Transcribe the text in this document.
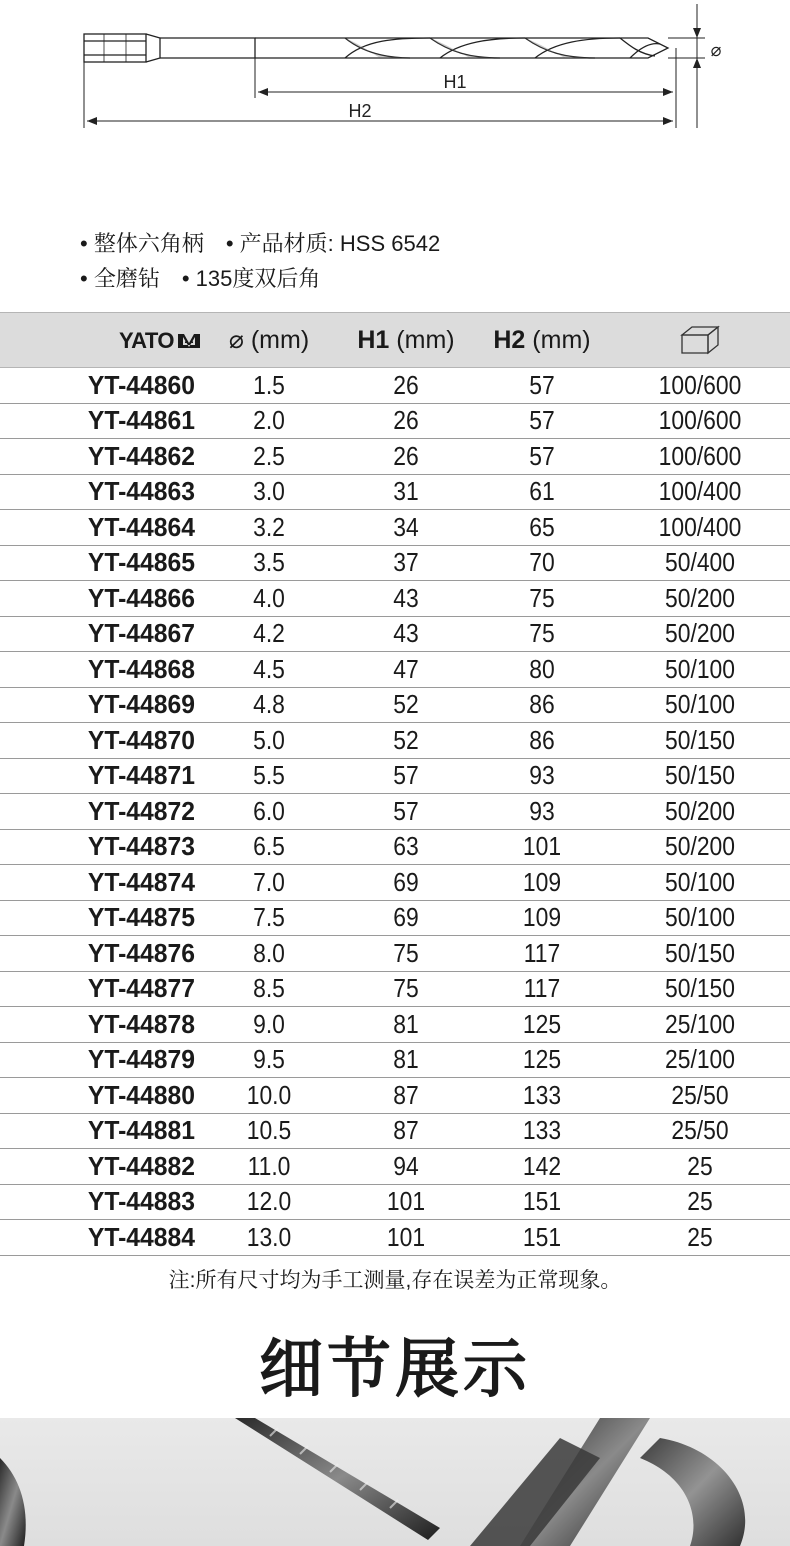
H1
H2
⌀
• 整体六角柄	• 产品材质: HSS 6542
• 全磨钻	• 135度双后角
YATO	⌀ (mm)	H1 (mm)	H2 (mm)	
YT-44860	1.5	26	57	100/600
YT-44861	2.0	26	57	100/600
YT-44862	2.5	26	57	100/600
YT-44863	3.0	31	61	100/400
YT-44864	3.2	34	65	100/400
YT-44865	3.5	37	70	50/400
YT-44866	4.0	43	75	50/200
YT-44867	4.2	43	75	50/200
YT-44868	4.5	47	80	50/100
YT-44869	4.8	52	86	50/100
YT-44870	5.0	52	86	50/150
YT-44871	5.5	57	93	50/150
YT-44872	6.0	57	93	50/200
YT-44873	6.5	63	101	50/200
YT-44874	7.0	69	109	50/100
YT-44875	7.5	69	109	50/100
YT-44876	8.0	75	117	50/150
YT-44877	8.5	75	117	50/150
YT-44878	9.0	81	125	25/100
YT-44879	9.5	81	125	25/100
YT-44880	10.0	87	133	25/50
YT-44881	10.5	87	133	25/50
YT-44882	11.0	94	142	25
YT-44883	12.0	101	151	25
YT-44884	13.0	101	151	25
注:所有尺寸均为手工测量,存在误差为正常现象。
细节展示
